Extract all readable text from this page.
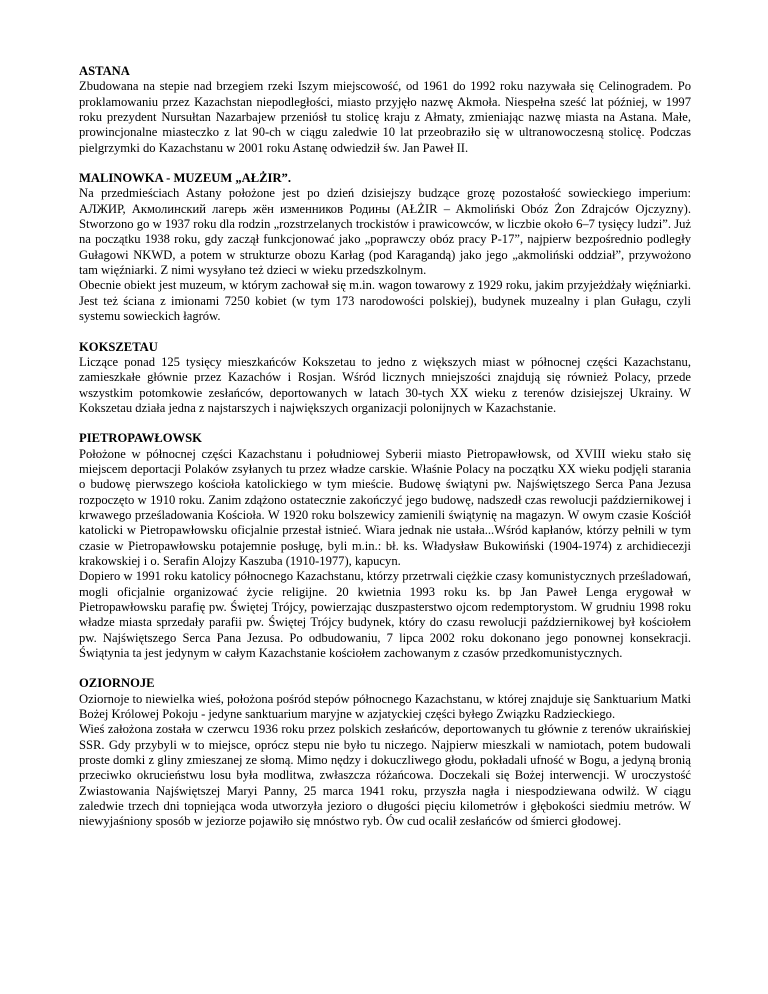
ASTANA

Zbudowana na stepie nad brzegiem rzeki Iszym miejscowość, od 1961 do 1992 roku nazywała się Celinogradem. Po proklamowaniu przez Kazachstan niepodległości, miasto przyjęło nazwę Akmoła. Niespełna sześć lat później, w 1997 roku prezydent Nursułtan Nazarbajew przeniósł tu stolicę kraju z Ałmaty, zmieniając nazwę miasta na Astana. Małe, prowincjonalne miasteczko z lat 90-ch w ciągu zaledwie 10 lat przeobraziło się w ultranowoczesną stolicę. Podczas pielgrzymki do Kazachstanu w 2001 roku Astanę odwiedził św. Jan Paweł II.

MALINOWKA - MUZEUM „AŁŻIR”.

Na przedmieściach Astany położone jest po dzień dzisiejszy budzące grozę pozostałość sowieckiego imperium: АЛЖИР, Акмолинский лагерь жён изменников Родины (AŁŻIR – Akmoliński Obóz Żon Zdrajców Ojczyzny). Stworzono go w 1937 roku dla rodzin „rozstrzelanych trockistów i prawicowców, w liczbie około 6–7 tysięcy ludzi”. Już na początku 1938 roku, gdy zaczął funkcjonować jako „poprawczy obóz pracy P-17”, najpierw bezpośrednio podległy Gułagowi NKWD, a potem w strukturze obozu Karłag (pod Karagandą) jako jego „akmoliński oddział”, przywożono tam więźniarki. Z nimi wysyłano też dzieci w wieku przedszkolnym.

Obecnie obiekt jest muzeum, w którym zachował się m.in. wagon towarowy z 1929 roku, jakim przyjeżdżały więźniarki. Jest też ściana z imionami 7250 kobiet (w tym 173 narodowości polskiej), budynek muzealny i plan Gułagu, czyli systemu sowieckich łagrów.

KOKSZETAU

Liczące ponad 125 tysięcy mieszkańców Kokszetau to jedno z większych miast w północnej części Kazachstanu, zamieszkałe głównie przez Kazachów i Rosjan. Wśród licznych mniejszości znajdują się również Polacy, przede wszystkim potomkowie zesłańców, deportowanych w latach 30-tych XX wieku z terenów dzisiejszej Ukrainy. W Kokszetau działa jedna z najstarszych i największych organizacji polonijnych w Kazachstanie.

PIETROPAWŁOWSK

Położone w północnej części Kazachstanu i południowej Syberii miasto Pietropawłowsk, od XVIII wieku stało się miejscem deportacji Polaków zsyłanych tu przez władze carskie. Właśnie Polacy na początku XX wieku podjęli starania o budowę pierwszego kościoła katolickiego w tym mieście. Budowę świątyni pw. Najświętszego Serca Pana Jezusa rozpoczęto w 1910 roku. Zanim zdążono ostatecznie zakończyć jego budowę, nadszedł czas rewolucji październikowej i krwawego prześladowania Kościoła. W 1920 roku bolszewicy zamienili świątynię na magazyn. W owym czasie Kościół katolicki w Pietropawłowsku oficjalnie przestał istnieć. Wiara jednak nie ustała...Wśród kapłanów, którzy pełnili w tym czasie w Pietropawłowsku potajemnie posługę, byli m.in.: bł. ks. Władysław Bukowiński (1904-1974) z archidiecezji krakowskiej i o. Serafin Alojzy Kaszuba (1910-1977), kapucyn.

Dopiero w 1991 roku katolicy północnego Kazachstanu, którzy przetrwali ciężkie czasy komunistycznych prześladowań, mogli oficjalnie organizować życie religijne. 20 kwietnia 1993 roku ks. bp Jan Paweł Lenga erygował w Pietropawłowsku parafię pw. Świętej Trójcy, powierzając duszpasterstwo ojcom redemptorystom. W grudniu 1998 roku władze miasta sprzedały parafii pw. Świętej Trójcy budynek, który do czasu rewolucji październikowej był kościołem pw. Najświętszego Serca Pana Jezusa. Po odbudowaniu, 7 lipca 2002 roku dokonano jego ponownej konsekracji. Świątynia ta jest jedynym w całym Kazachstanie kościołem zachowanym z czasów przedkomunistycznych.

OZIORNOJE

Oziornoje to niewielka wieś, położona pośród stepów północnego Kazachstanu, w której znajduje się Sanktuarium Matki Bożej Królowej Pokoju - jedyne sanktuarium maryjne w azjatyckiej części byłego Związku Radzieckiego.

Wieś założona została w czerwcu 1936 roku przez polskich zesłańców, deportowanych tu głównie z terenów ukraińskiej SSR. Gdy przybyli w to miejsce, oprócz stepu nie było tu niczego. Najpierw mieszkali w namiotach, potem budowali proste domki z gliny zmieszanej ze słomą. Mimo nędzy i dokuczliwego głodu, pokładali ufność w Bogu, a jedyną bronią przeciwko okrucieństwu losu była modlitwa, zwłaszcza różańcowa. Doczekali się Bożej interwencji. W uroczystość Zwiastowania Najświętszej Maryi Panny, 25 marca 1941 roku, przyszła nagła i niespodziewana odwilż. W ciągu zaledwie trzech dni topniejąca woda utworzyła jezioro o długości pięciu kilometrów i głębokości siedmiu metrów. W niewyjaśniony sposób w jeziorze pojawiło się mnóstwo ryb. Ów cud ocalił zesłańców od śmierci głodowej.
